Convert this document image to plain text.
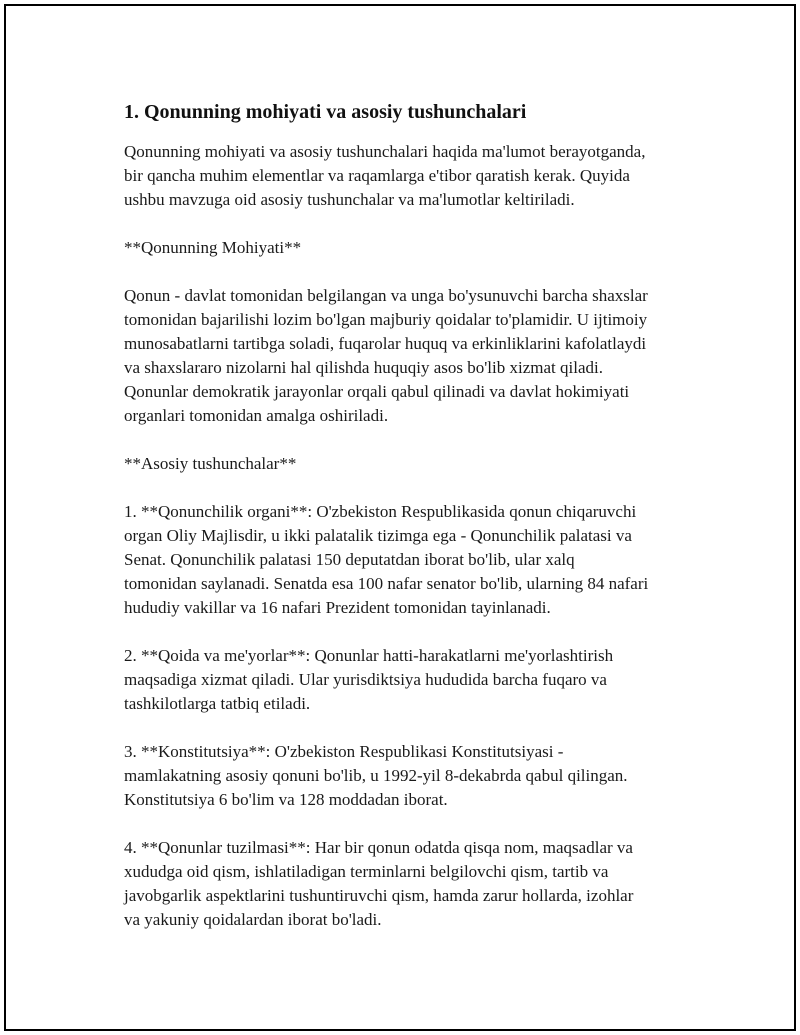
1. Qonunning mohiyati va asosiy tushunchalari

Qonunning mohiyati va asosiy tushunchalari haqida ma'lumot berayotganda,
bir qancha muhim elementlar va raqamlarga e'tibor qaratish kerak. Quyida
ushbu mavzuga oid asosiy tushunchalar va ma'lumotlar keltiriladi.

**Qonunning Mohiyati**

Qonun - davlat tomonidan belgilangan va unga bo'ysunuvchi barcha shaxslar
tomonidan bajarilishi lozim bo'lgan majburiy qoidalar to'plamidir. U ijtimoiy
munosabatlarni tartibga soladi, fuqarolar huquq va erkinliklarini kafolatlaydi
va shaxslararo nizolarni hal qilishda huquqiy asos bo'lib xizmat qiladi.
Qonunlar demokratik jarayonlar orqali qabul qilinadi va davlat hokimiyati
organlari tomonidan amalga oshiriladi.

**Asosiy tushunchalar**

1. **Qonunchilik organi**: O'zbekiston Respublikasida qonun chiqaruvchi
organ Oliy Majlisdir, u ikki palatalik tizimga ega - Qonunchilik palatasi va
Senat. Qonunchilik palatasi 150 deputatdan iborat bo'lib, ular xalq
tomonidan saylanadi. Senatda esa 100 nafar senator bo'lib, ularning 84 nafari
hududiy vakillar va 16 nafari Prezident tomonidan tayinlanadi.

2. **Qoida va me'yorlar**: Qonunlar hatti-harakatlarni me'yorlashtirish
maqsadiga xizmat qiladi. Ular yurisdiktsiya hududida barcha fuqaro va
tashkilotlarga tatbiq etiladi.

3. **Konstitutsiya**: O'zbekiston Respublikasi Konstitutsiyasi -
mamlakatning asosiy qonuni bo'lib, u 1992-yil 8-dekabrda qabul qilingan.
Konstitutsiya 6 bo'lim va 128 moddadan iborat.

4. **Qonunlar tuzilmasi**: Har bir qonun odatda qisqa nom, maqsadlar va
xududga oid qism, ishlatiladigan terminlarni belgilovchi qism, tartib va
javobgarlik aspektlarini tushuntiruvchi qism, hamda zarur hollarda, izohlar
va yakuniy qoidalardan iborat bo'ladi.
